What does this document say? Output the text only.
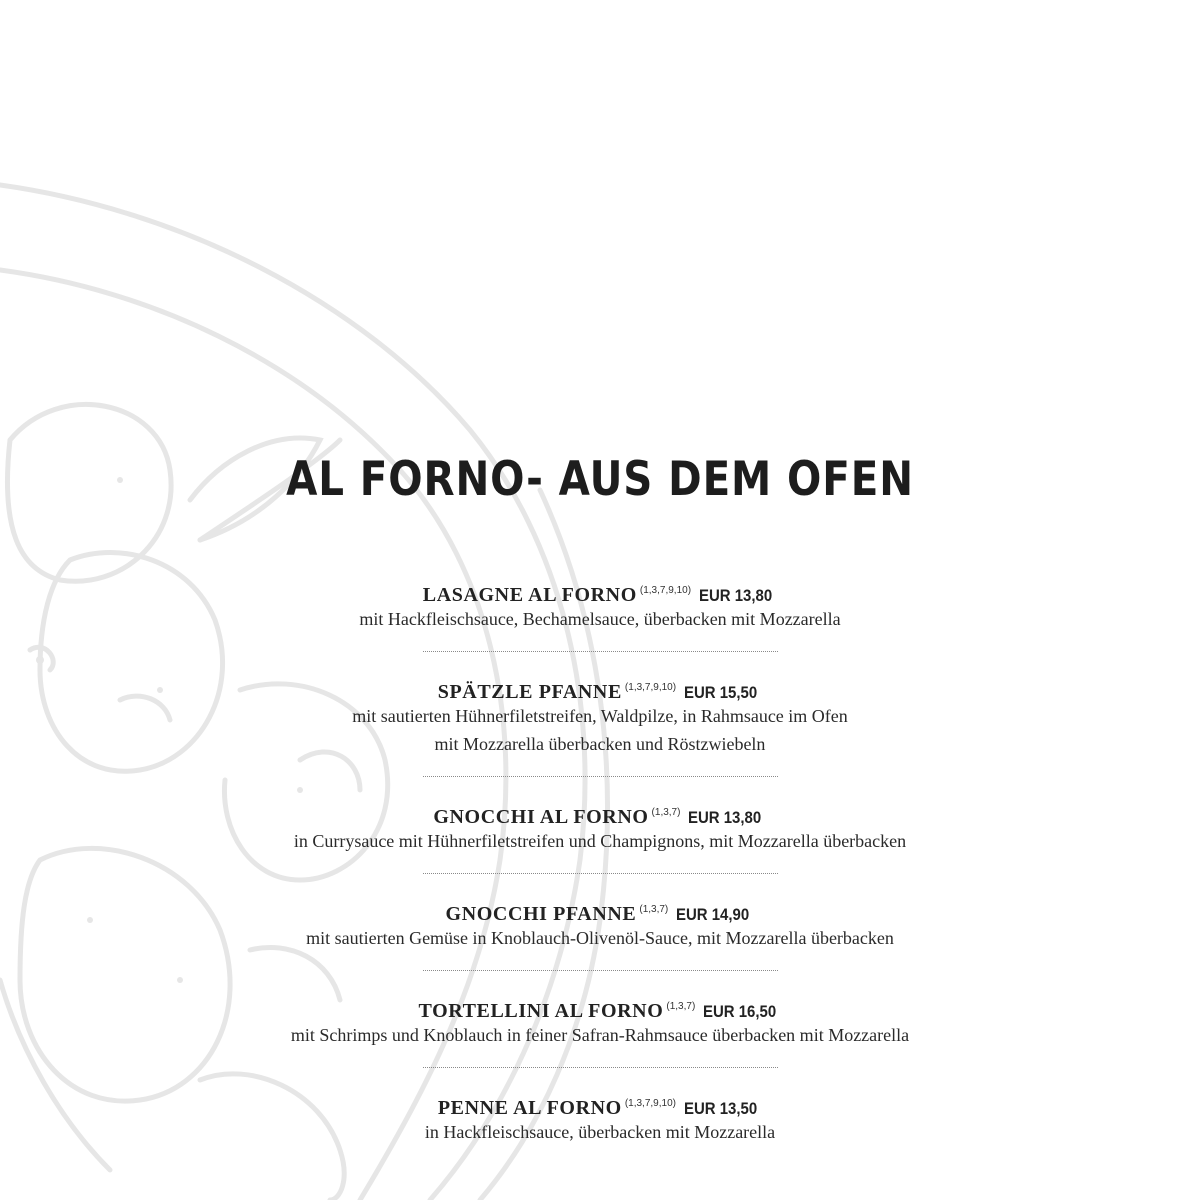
AL FORNO- AUS DEM OFEN
LASAGNE AL FORNO $^{(1,3,7,9,10)}$ EUR 13,80
mit Hackfleischsauce, Bechamelsauce, überbacken mit Mozzarella
SPÄTZLE PFANNE $^{(1,3,7,9,10)}$ EUR 15,50
mit sautierten Hühnerfiletstreifen, Waldpilze, in Rahmsauce im Ofen
mit Mozzarella überbacken und Röstzwiebeln
GNOCCHI AL FORNO $^{(1,3,7)}$ EUR 13,80
in Currysauce mit Hühnerfiletstreifen und Champignons, mit Mozzarella überbacken
GNOCCHI PFANNE $^{(1,3,7)}$ EUR 14,90
mit sautierten Gemüse in Knoblauch-Olivenöl-Sauce, mit Mozzarella überbacken
TORTELLINI AL FORNO $^{(1,3,7)}$ EUR 16,50
mit Schrimps und Knoblauch in feiner Safran-Rahmsauce überbacken mit Mozzarella
PENNE AL FORNO $^{(1,3,7,9,10)}$ EUR 13,50
in Hackfleischsauce, überbacken mit Mozzarella
